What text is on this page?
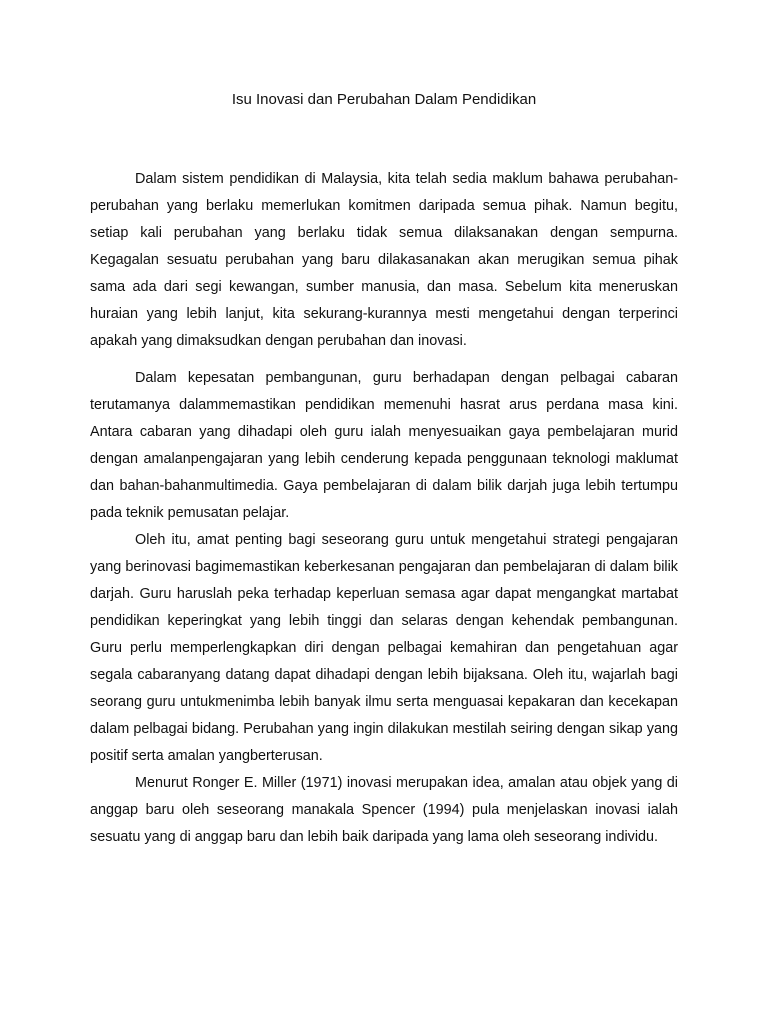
Isu Inovasi dan Perubahan Dalam Pendidikan

Dalam sistem pendidikan di Malaysia, kita telah sedia maklum bahawa perubahan-perubahan yang berlaku memerlukan komitmen daripada semua pihak. Namun begitu, setiap kali perubahan yang berlaku tidak semua dilaksanakan dengan sempurna. Kegagalan sesuatu perubahan yang baru dilakasanakan akan merugikan semua pihak sama ada dari segi kewangan, sumber manusia, dan masa. Sebelum kita meneruskan huraian yang lebih lanjut, kita sekurang-kurannya mesti mengetahui dengan terperinci apakah yang dimaksudkan dengan perubahan dan inovasi.

Dalam kepesatan pembangunan, guru berhadapan dengan pelbagai cabaran terutamanya dalammemastikan pendidikan memenuhi hasrat arus perdana masa kini. Antara cabaran yang dihadapi oleh guru ialah menyesuaikan gaya pembelajaran murid dengan amalanpengajaran yang lebih cenderung kepada penggunaan teknologi maklumat dan bahan-bahanmultimedia. Gaya pembelajaran di dalam bilik darjah juga lebih tertumpu pada teknik pemusatan pelajar.

Oleh itu, amat penting bagi seseorang guru untuk mengetahui strategi pengajaran yang berinovasi bagimemastikan keberkesanan pengajaran dan pembelajaran di dalam bilik darjah. Guru haruslah peka terhadap keperluan semasa agar dapat mengangkat martabat pendidikan keperingkat yang lebih tinggi dan selaras dengan kehendak pembangunan. Guru perlu memperlengkapkan diri dengan pelbagai kemahiran dan pengetahuan agar segala cabaranyang datang dapat dihadapi dengan lebih bijaksana. Oleh itu, wajarlah bagi seorang guru untukmenimba lebih banyak ilmu serta menguasai kepakaran dan kecekapan dalam pelbagai bidang. Perubahan yang ingin dilakukan mestilah seiring dengan sikap yang positif serta amalan yangberterusan.

Menurut Ronger E. Miller (1971) inovasi merupakan idea, amalan atau objek yang di anggap baru oleh seseorang manakala Spencer (1994) pula menjelaskan inovasi ialah sesuatu yang di anggap baru dan lebih baik daripada yang lama oleh seseorang individu.
